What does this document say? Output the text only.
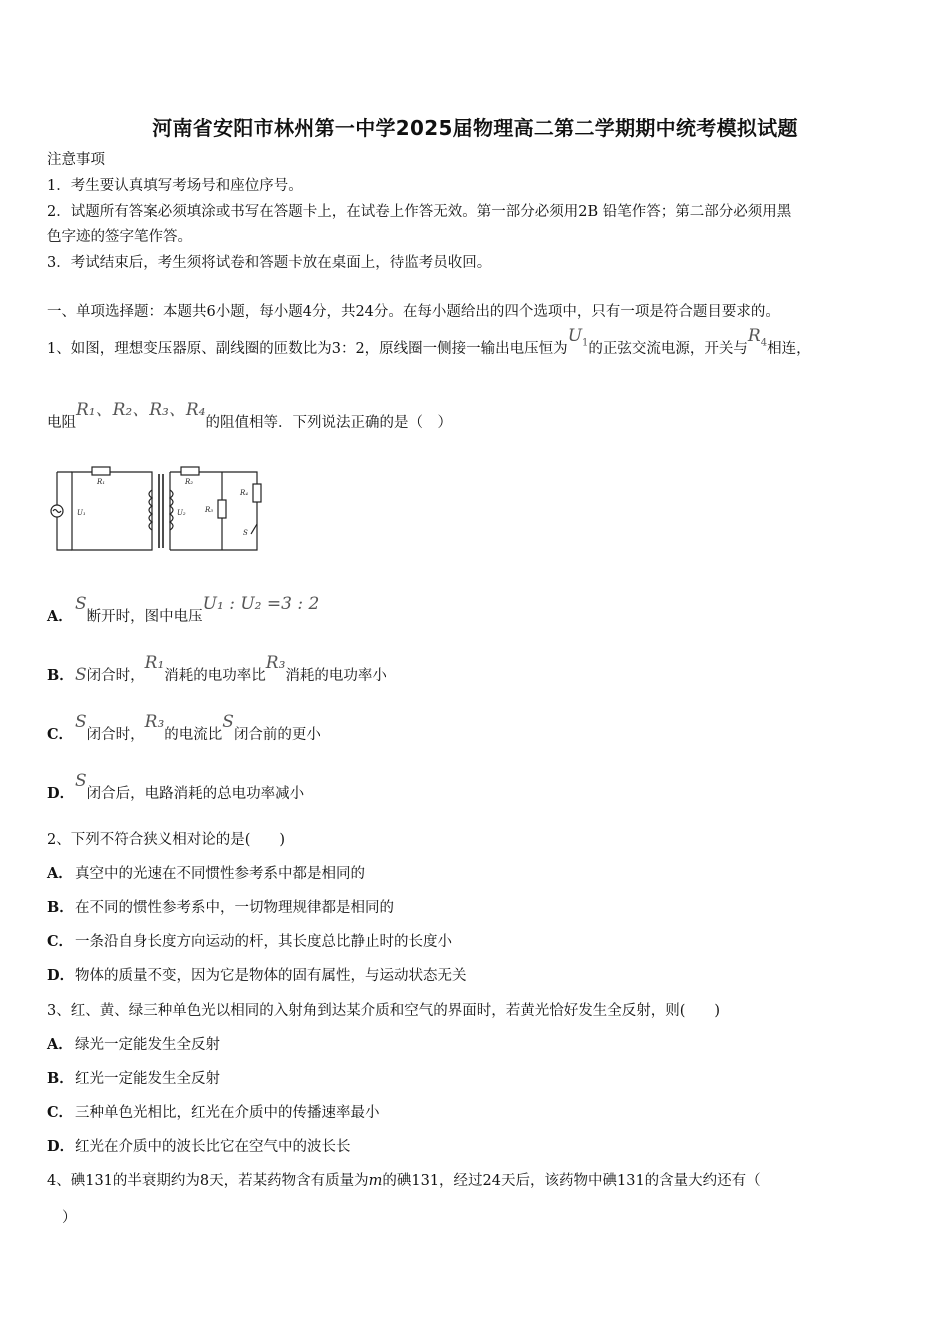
河南省安阳市林州第一中学2025届物理高二第二学期期中统考模拟试题
注意事项
1．考生要认真填写考场号和座位序号。
2．试题所有答案必须填涂或书写在答题卡上，在试卷上作答无效。第一部分必须用2B 铅笔作答；第二部分必须用黑
色字迹的签字笔作答。
3．考试结束后，考生须将试卷和答题卡放在桌面上，待监考员收回。
一、单项选择题：本题共6小题，每小题4分，共24分。在每小题给出的四个选项中，只有一项是符合题目要求的。
1、如图，理想变压器原、副线圈的匝数比为3：2，原线圈一侧接一输出电压恒为$U_1$的正弦交流电源，开关与$R_4$相连，
电阻R₁、R₂、R₃、R₄的阻值相等．下列说法正确的是（　）
R₁
U₁
R₂
U₂	R₃
R₄
S
A．S断开时，图中电压U₁ : U₂ =3 : 2
B．S闭合时，R₁消耗的电功率比R₃消耗的电功率小
C．S闭合时，R₃的电流比S闭合前的更小
D．S闭合后，电路消耗的总电功率减小
2、下列不符合狭义相对论的是(　　)
A． 真空中的光速在不同惯性参考系中都是相同的
B．在不同的惯性参考系中，一切物理规律都是相同的
C． 一条沿自身长度方向运动的杆，其长度总比静止时的长度小
D．物体的质量不变，因为它是物体的固有属性，与运动状态无关
3、红、黄、绿三种单色光以相同的入射角到达某介质和空气的界面时，若黄光恰好发生全反射，则(　　)
A． 绿光一定能发生全反射
B．红光一定能发生全反射
C． 三种单色光相比，红光在介质中的传播速率最小
D．红光在介质中的波长比它在空气中的波长长
4、碘131的半衰期约为8天，若某药物含有质量为m的碘131，经过24天后，该药物中碘131的含量大约还有（
）
